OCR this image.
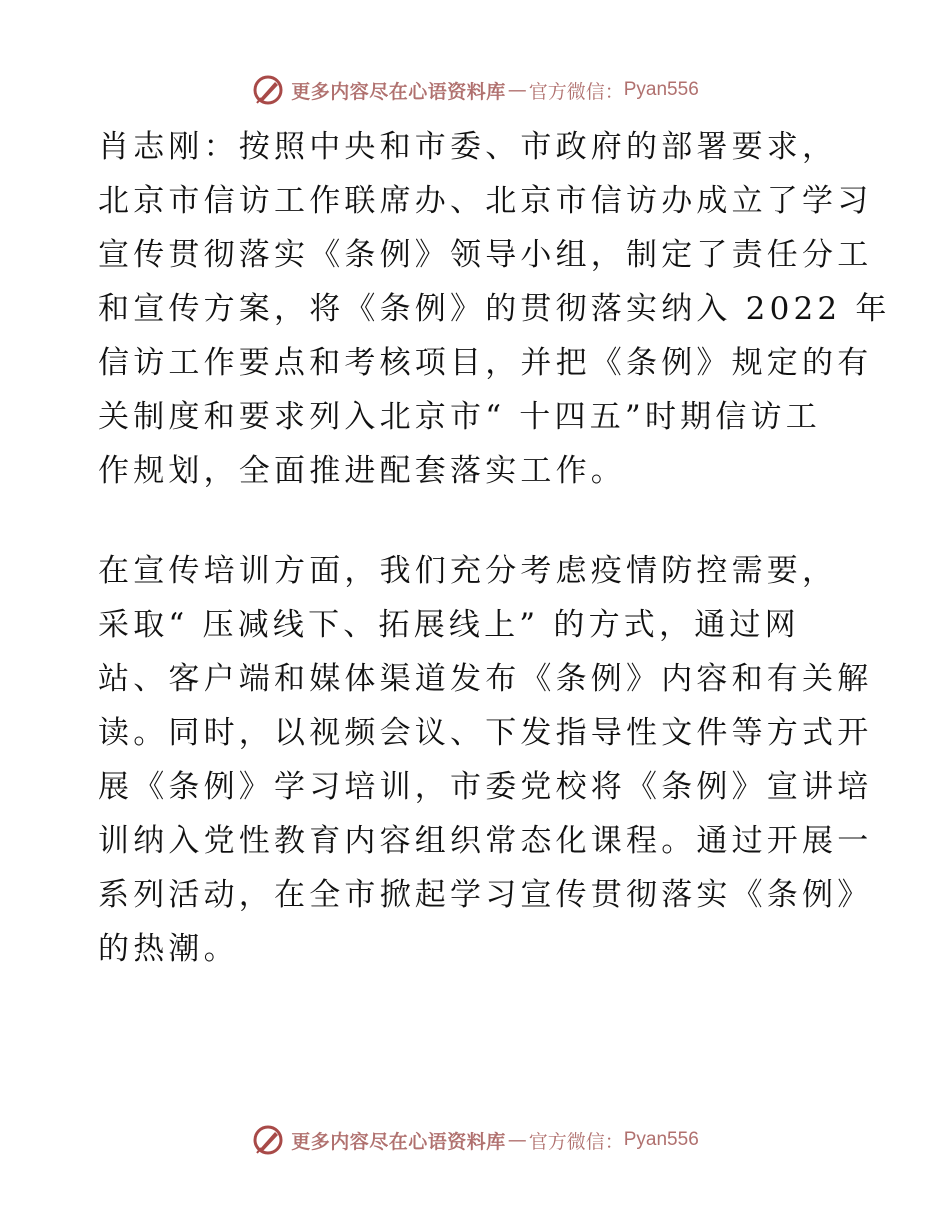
更多内容尽在心语资料库 — 官方微信： Pyan556
肖志刚：按照中央和市委、市政府的部署要求，
北京市信访工作联席办、北京市信访办成立了学习
宣传贯彻落实《条例》领导小组，制定了责任分工
和宣传方案，将《条例》的贯彻落实纳入 2022 年
信访工作要点和考核项目，并把《条例》规定的有
关制度和要求列入北京市“ 十四五”时期信访工
作规划，全面推进配套落实工作。
在宣传培训方面，我们充分考虑疫情防控需要，
采取“ 压减线下、拓展线上” 的方式，通过网
站、客户端和媒体渠道发布《条例》内容和有关解
读。同时，以视频会议、下发指导性文件等方式开
展《条例》学习培训，市委党校将《条例》宣讲培
训纳入党性教育内容组织常态化课程。通过开展一
系列活动，在全市掀起学习宣传贯彻落实《条例》
的热潮。
更多内容尽在心语资料库 — 官方微信： Pyan556
